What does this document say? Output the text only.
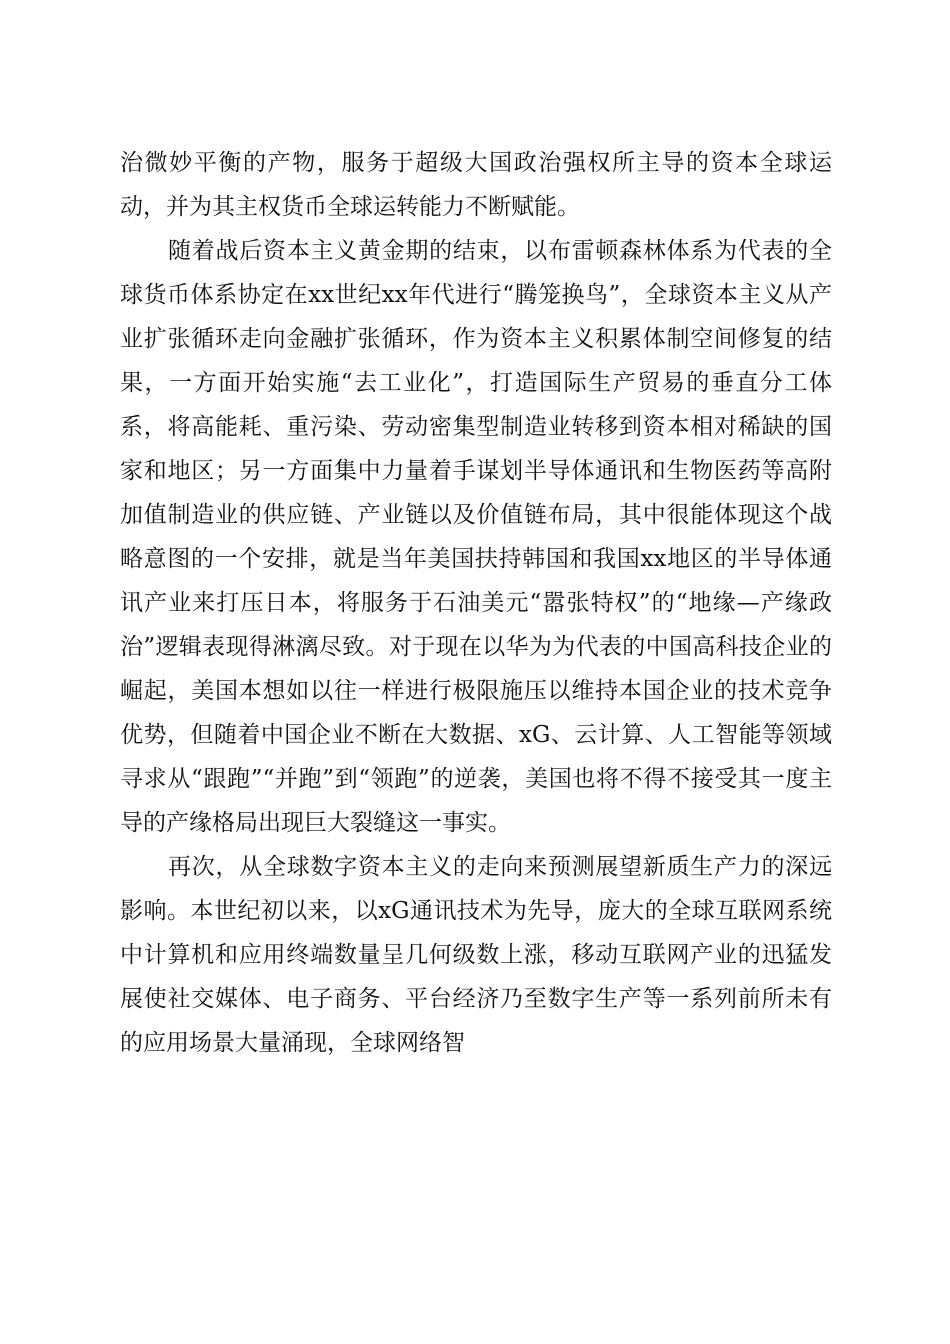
治微妙平衡的产物，服务于超级大国政治强权所主导的资本全球运动，并为其主权货币全球运转能力不断赋能。

随着战后资本主义黄金期的结束，以布雷顿森林体系为代表的全球货币体系协定在xx世纪xx年代进行“腾笼换鸟”，全球资本主义从产业扩张循环走向金融扩张循环，作为资本主义积累体制空间修复的结果，一方面开始实施“去工业化”，打造国际生产贸易的垂直分工体系，将高能耗、重污染、劳动密集型制造业转移到资本相对稀缺的国家和地区；另一方面集中力量着手谋划半导体通讯和生物医药等高附加值制造业的供应链、产业链以及价值链布局，其中很能体现这个战略意图的一个安排，就是当年美国扶持韩国和我国xx地区的半导体通讯产业来打压日本，将服务于石油美元“嚣张特权”的“地缘—产缘政治”逻辑表现得淋漓尽致。对于现在以华为为代表的中国高科技企业的崛起，美国本想如以往一样进行极限施压以维持本国企业的技术竞争优势，但随着中国企业不断在大数据、xG、云计算、人工智能等领域寻求从“跟跑”“并跑”到“领跑”的逆袭，美国也将不得不接受其一度主导的产缘格局出现巨大裂缝这一事实。

再次，从全球数字资本主义的走向来预测展望新质生产力的深远影响。本世纪初以来，以xG通讯技术为先导，庞大的全球互联网系统中计算机和应用终端数量呈几何级数上涨，移动互联网产业的迅猛发展使社交媒体、电子商务、平台经济乃至数字生产等一系列前所未有的应用场景大量涌现，全球网络智
